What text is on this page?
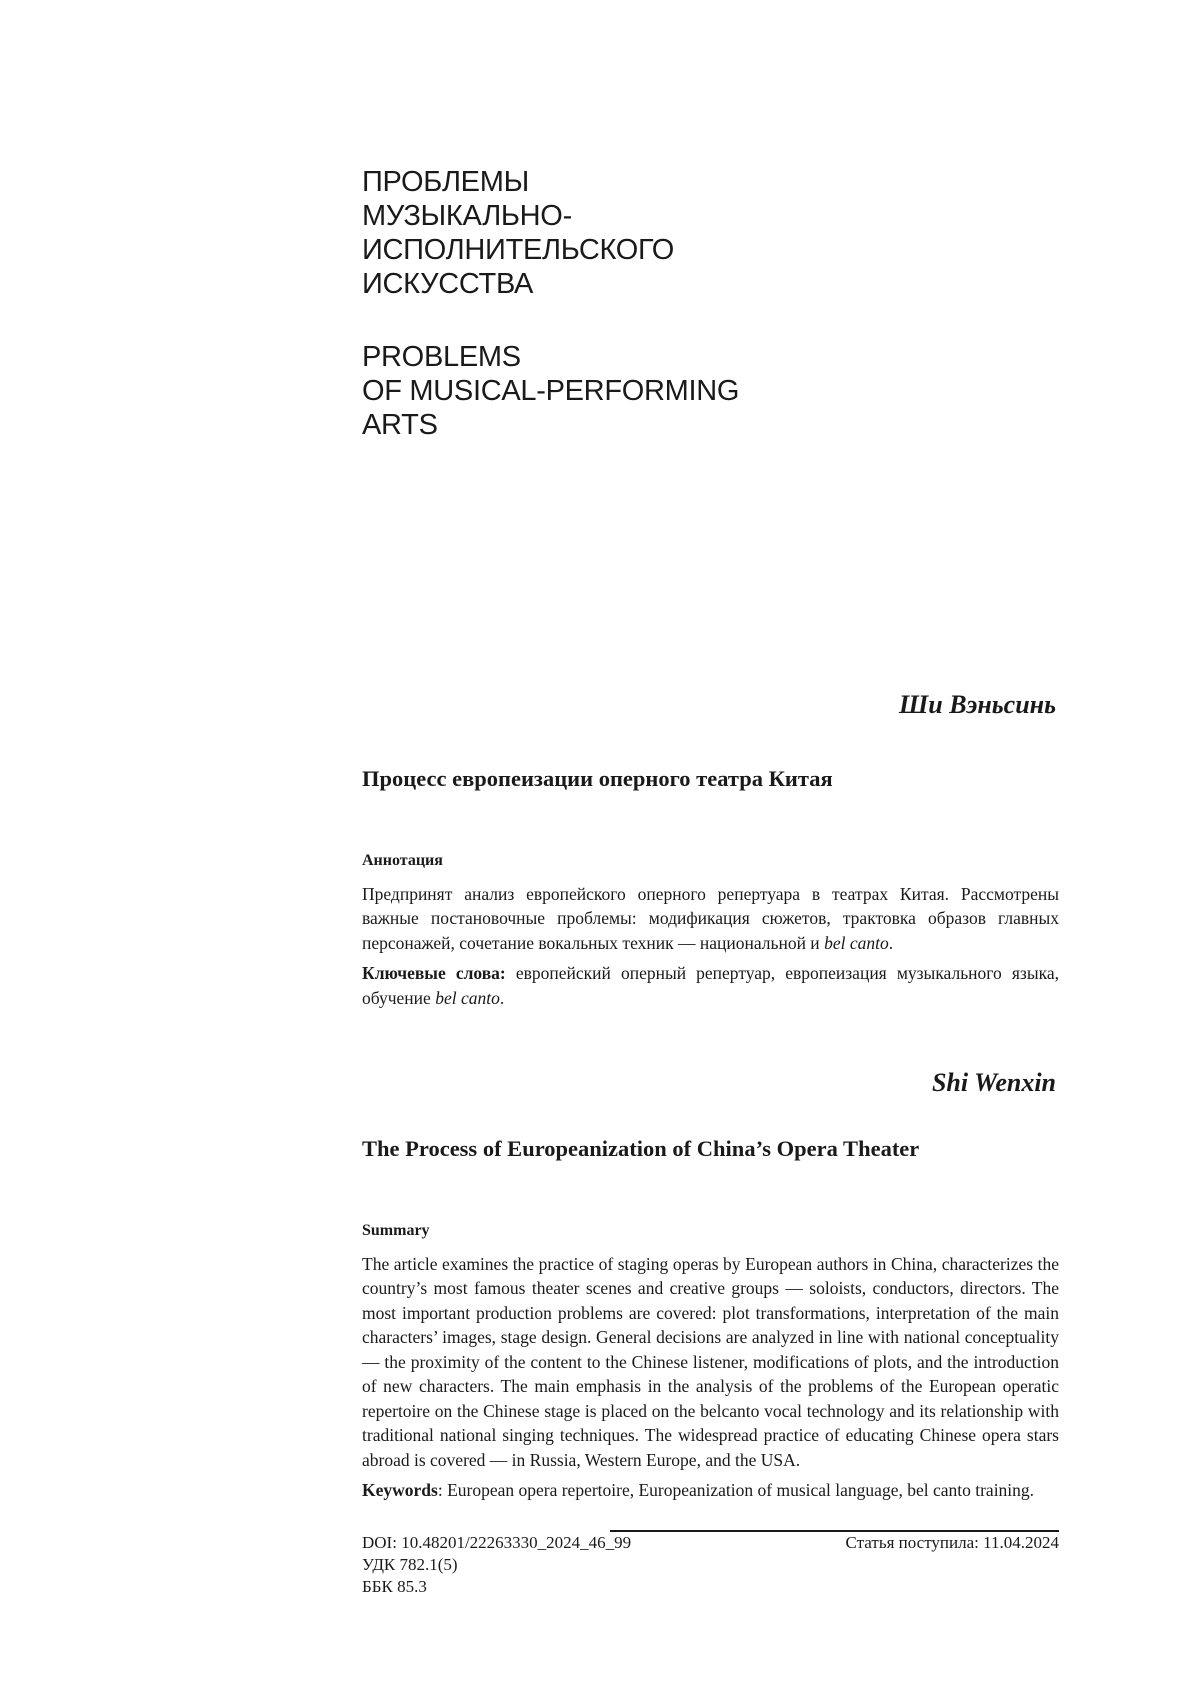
ПРОБЛЕМЫ
МУЗЫКАЛЬНО-
ИСПОЛНИТЕЛЬСКОГО
ИСКУССТВА
PROBLEMS
OF MUSICAL-PERFORMING
ARTS
Ши Вэньсинь
Процесс европеизации оперного театра Китая
Аннотация

Предпринят анализ европейского оперного репертуара в театрах Китая. Рассмотрены важные постановочные проблемы: модификация сюжетов, трактовка образов главных персонажей, сочетание вокальных техник — национальной и bel canto.

Ключевые слова: европейский оперный репертуар, европеизация музыкального языка, обучение bel canto.

Shi Wenxin
The Process of Europeanization of China’s Opera Theater
Summary

The article examines the practice of staging operas by European authors in China, characterizes the country’s most famous theater scenes and creative groups — soloists, conductors, directors. The most important production problems are covered: plot transformations, interpretation of the main characters’ images, stage design. General decisions are analyzed in line with national conceptuality — the proximity of the content to the Chinese listener, modifications of plots, and the introduction of new characters. The main emphasis in the analysis of the problems of the European operatic repertoire on the Chinese stage is placed on the belcanto vocal technology and its relationship with traditional national singing techniques. The widespread practice of educating Chinese opera stars abroad is covered — in Russia, Western Europe, and the USA.

Keywords: European opera repertoire, Europeanization of musical language, bel canto training.

DOI: 10.48201/22263330_2024_46_99
УДК 782.1(5)
ББК 85.3
Статья поступила: 11.04.2024
